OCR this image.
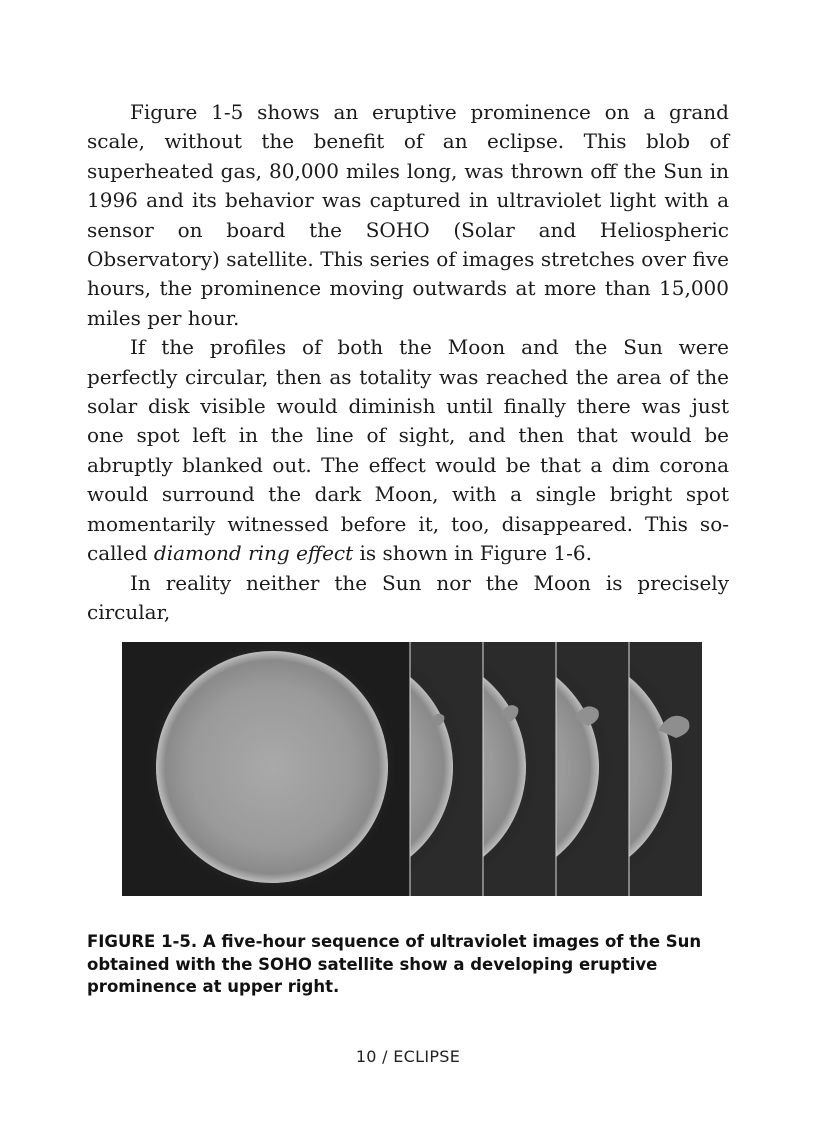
Figure 1-5 shows an eruptive prominence on a grand scale, without the benefit of an eclipse. This blob of superheated gas, 80,000 miles long, was thrown off the Sun in 1996 and its behavior was captured in ultraviolet light with a sensor on board the SOHO (Solar and Heliospheric Observatory) satellite. This series of images stretches over five hours, the prominence moving outwards at more than 15,000 miles per hour.

If the profiles of both the Moon and the Sun were perfectly circular, then as totality was reached the area of the solar disk visible would diminish until finally there was just one spot left in the line of sight, and then that would be abruptly blanked out. The effect would be that a dim corona would surround the dark Moon, with a single bright spot momentarily witnessed before it, too, disappeared. This so-called diamond ring effect is shown in Figure 1-6.

In reality neither the Sun nor the Moon is precisely circular,

FIGURE 1-5. A five-hour sequence of ultraviolet images of the Sun obtained with the SOHO satellite show a developing eruptive prominence at upper right.
10 / ECLIPSE
